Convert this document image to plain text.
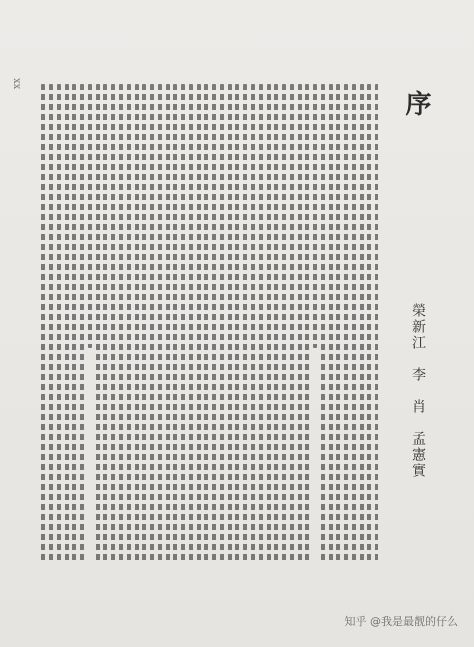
xx
序
榮新江　李　肖　孟憲實
知乎 @我是最靓的仔么
